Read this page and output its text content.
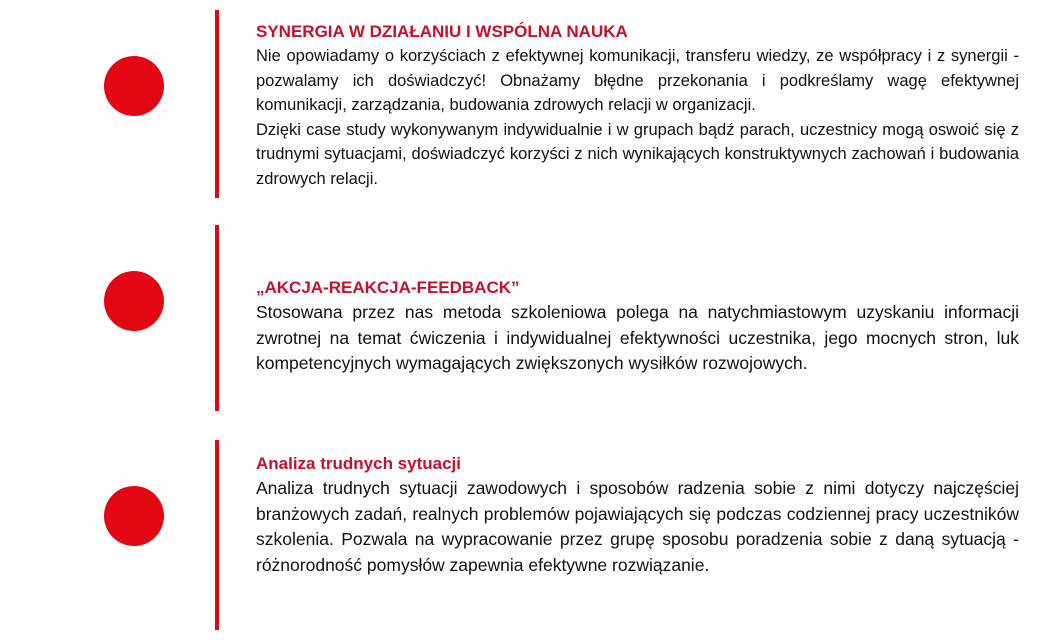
SYNERGIA W DZIAŁANIU I WSPÓLNA NAUKA

Nie opowiadamy o korzyściach z efektywnej komunikacji, transferu wiedzy, ze współpracy i z synergii - pozwalamy ich doświadczyć! Obnażamy błędne przekonania i podkreślamy wagę efektywnej komunikacji, zarządzania, budowania zdrowych relacji w organizacji.

Dzięki case study wykonywanym indywidualnie i w grupach bądź parach, uczestnicy mogą oswoić się z trudnymi sytuacjami, doświadczyć korzyści z nich wynikających konstruktywnych zachowań i budowania zdrowych relacji.

„AKCJA-REAKCJA-FEEDBACK”

Stosowana przez nas metoda szkoleniowa polega na natychmiastowym uzyskaniu informacji zwrotnej na temat ćwiczenia i indywidualnej efektywności uczestnika, jego mocnych stron, luk kompetencyjnych wymagających zwiększonych wysiłków rozwojowych.

Analiza trudnych sytuacji

Analiza trudnych sytuacji zawodowych i sposobów radzenia sobie z nimi dotyczy najczęściej branżowych zadań, realnych problemów pojawiających się podczas codziennej pracy uczestników szkolenia. Pozwala na wypracowanie przez grupę sposobu poradzenia sobie z daną sytuacją - różnorodność pomysłów zapewnia efektywne rozwiązanie.
